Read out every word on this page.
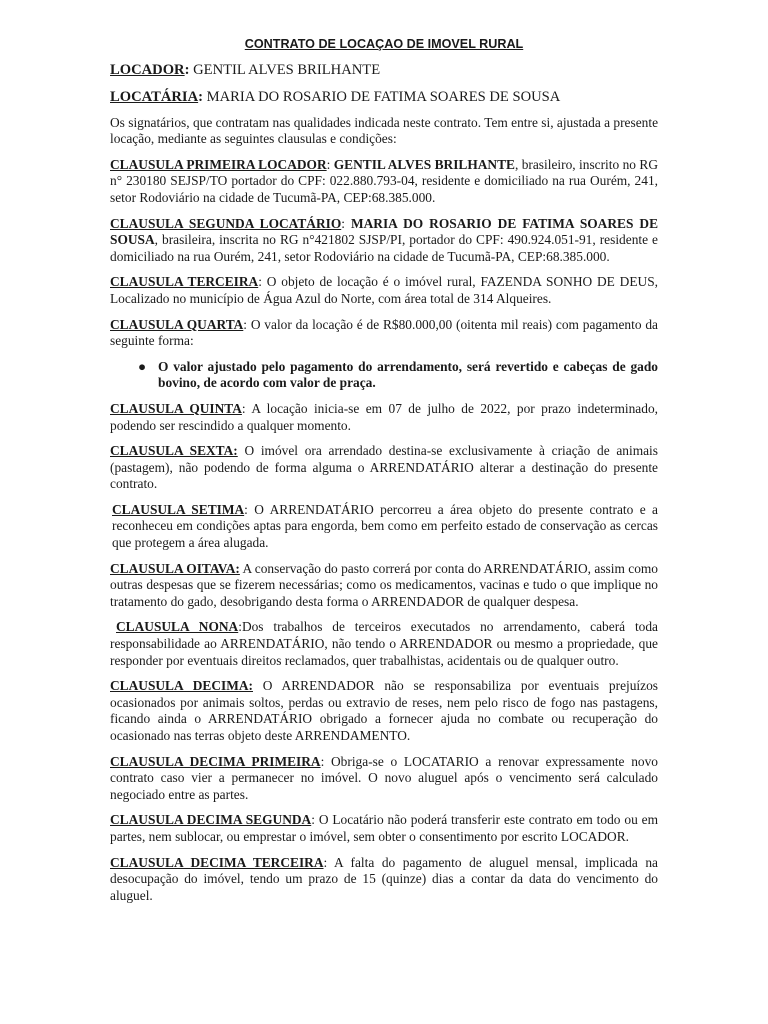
CONTRATO DE LOCAÇAO DE IMOVEL RURAL
LOCADOR: GENTIL ALVES BRILHANTE
LOCATÁRIA: MARIA DO ROSARIO DE FATIMA SOARES DE SOUSA

Os signatários, que contratam nas qualidades indicada neste contrato. Tem entre si, ajustada a presente locação, mediante as seguintes clausulas e condições:

CLAUSULA PRIMEIRA LOCADOR: GENTIL ALVES BRILHANTE, brasileiro, inscrito no RG n° 230180 SEJSP/TO portador do CPF: 022.880.793-04, residente e domiciliado na rua Ourém, 241, setor Rodoviário na cidade de Tucumã-PA, CEP:68.385.000.

CLAUSULA SEGUNDA LOCATÁRIO: MARIA DO ROSARIO DE FATIMA SOARES DE SOUSA, brasileira, inscrita no RG n°421802 SJSP/PI, portador do CPF: 490.924.051-91, residente e domiciliado na rua Ourém, 241, setor Rodoviário na cidade de Tucumã-PA, CEP:68.385.000.

CLAUSULA TERCEIRA: O objeto de locação é o imóvel rural, FAZENDA SONHO DE DEUS, Localizado no município de Água Azul do Norte, com área total de 314 Alqueires.

CLAUSULA QUARTA: O valor da locação é de R$80.000,00 (oitenta mil reais) com pagamento da seguinte forma:

● O valor ajustado pelo pagamento do arrendamento, será revertido e cabeças de gado bovino, de acordo com valor de praça.

CLAUSULA QUINTA: A locação inicia-se em 07 de julho de 2022, por prazo indeterminado, podendo ser rescindido a qualquer momento.

CLAUSULA SEXTA: O imóvel ora arrendado destina-se exclusivamente à criação de animais (pastagem), não podendo de forma alguma o ARRENDATÁRIO alterar a destinação do presente contrato.

CLAUSULA SETIMA: O ARRENDATÁRIO percorreu a área objeto do presente contrato e a reconheceu em condições aptas para engorda, bem como em perfeito estado de conservação as cercas que protegem a área alugada.

CLAUSULA OITAVA: A conservação do pasto correrá por conta do ARRENDATÁRIO, assim como outras despesas que se fizerem necessárias; como os medicamentos, vacinas e tudo o que implique no tratamento do gado, desobrigando desta forma o ARRENDADOR de qualquer despesa.

CLAUSULA NONA:Dos trabalhos de terceiros executados no arrendamento, caberá toda responsabilidade ao ARRENDATÁRIO, não tendo o ARRENDADOR ou mesmo a propriedade, que responder por eventuais direitos reclamados, quer trabalhistas, acidentais ou de qualquer outro.

CLAUSULA DECIMA: O ARRENDADOR não se responsabiliza por eventuais prejuízos ocasionados por animais soltos, perdas ou extravio de reses, nem pelo risco de fogo nas pastagens, ficando ainda o ARRENDATÁRIO obrigado a fornecer ajuda no combate ou recuperação do ocasionado nas terras objeto deste ARRENDAMENTO.

CLAUSULA DECIMA PRIMEIRA: Obriga-se o LOCATARIO a renovar expressamente novo contrato caso vier a permanecer no imóvel. O novo aluguel após o vencimento será calculado negociado entre as partes.

CLAUSULA DECIMA SEGUNDA: O Locatário não poderá transferir este contrato em todo ou em partes, nem sublocar, ou emprestar o imóvel, sem obter o consentimento por escrito LOCADOR.

CLAUSULA DECIMA TERCEIRA: A falta do pagamento de aluguel mensal, implicada na desocupação do imóvel, tendo um prazo de 15 (quinze) dias a contar da data do vencimento do aluguel.
